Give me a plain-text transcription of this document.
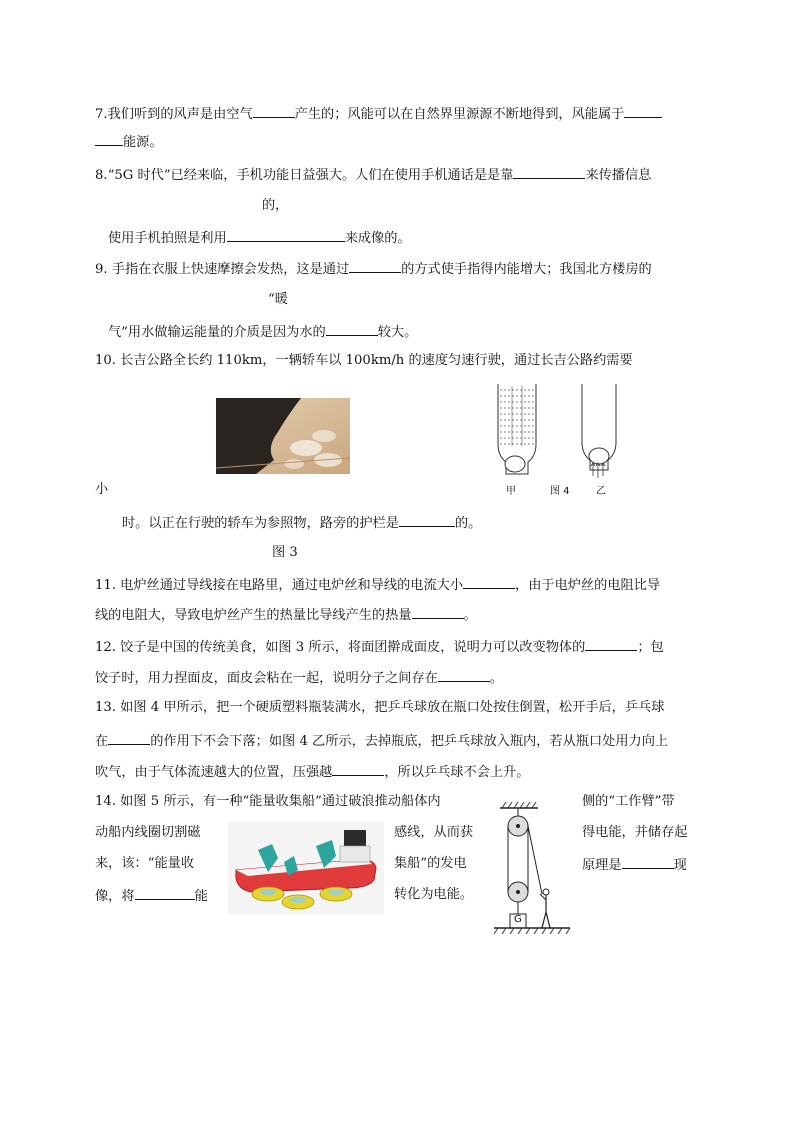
7.我们听到的风声是由空气	产生的；风能可以在自然界里源源不断地得到，风能属于
能源。
8.“5G 时代”已经来临，手机功能日益强大。人们在使用手机通话是是靠	来传播信息
的，
使用手机拍照是利用	来成像的。
9. 手指在衣服上快速摩擦会发热，这是通过	的方式使手指得内能增大；我国北方楼房的
“暖
气”用水做输运能量的介质是因为水的	较大。
10. 长吉公路全长约 110km，一辆轿车以 100km/h 的速度匀速行驶，通过长吉公路约需要
甲	图 4	乙
小
时。以正在行驶的轿车为参照物，路旁的护栏是	的。
图 3
11. 电炉丝通过导线接在电路里，通过电炉丝和导线的电流大小	，由于电炉丝的电阻比导
线的电阻大，导致电炉丝产生的热量比导线产生的热量	。
12. 饺子是中国的传统美食，如图 3 所示，将面团擀成面皮，说明力可以改变物体的	；包
饺子时，用力捏面皮，面皮会粘在一起，说明分子之间存在	。
13. 如图 4 甲所示，把一个硬质塑料瓶装满水，把乒乓球放在瓶口处按住倒置，松开手后，乒乓球
在	的作用下不会下落；如图 4 乙所示，去掉瓶底，把乒乓球放入瓶内，若从瓶口处用力向上
吹气，由于气体流速越大的位置，压强越	，所以乒乓球不会上升。
14. 如图 5 所示，有一种“能量收集船”通过破浪推动船体内	侧的“工作臂”带
动船内线圈切割磁	感线，从而获	得电能，并储存起
来，该：“能量收	集船”的发电	原理是	现
像，将	能	转化为电能。
G
